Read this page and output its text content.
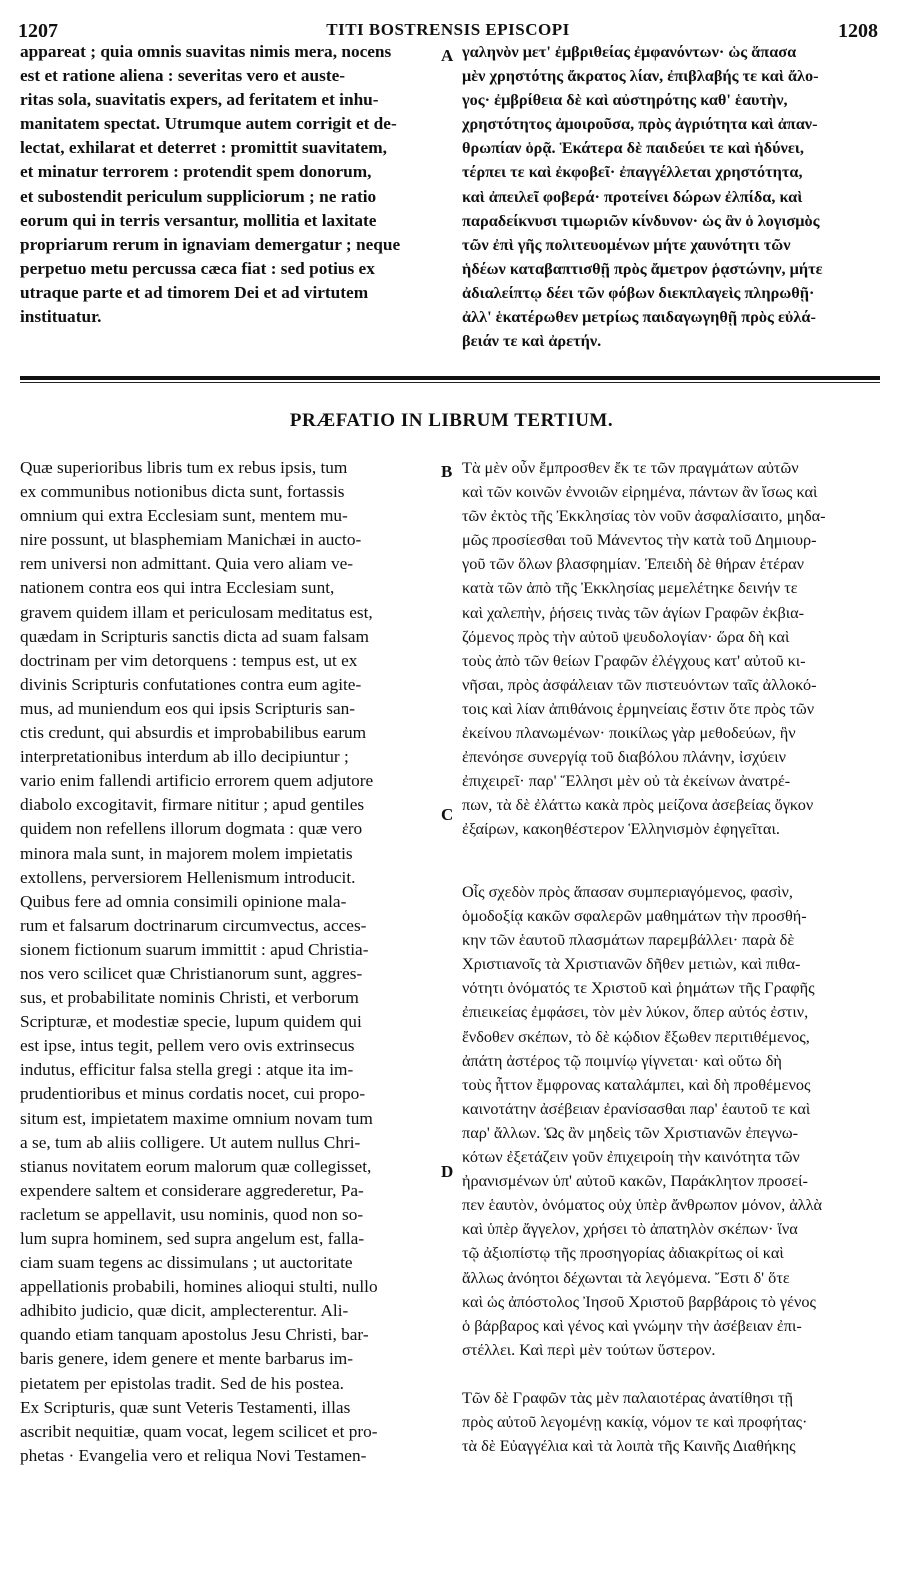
1207	TITI BOSTRENSIS EPISCOPI	1208
appareat ; quia omnis suavitas nimis mera, nocens
est et ratione aliena : severitas vero et auste-
ritas sola, suavitatis expers, ad feritatem et inhu-
manitatem spectat. Utrumque autem corrigit et de-
lectat, exhilarat et deterret : promittit suavitatem,
et minatur terrorem : protendit spem donorum,
et subostendit periculum suppliciorum ; ne ratio
eorum qui in terris versantur, mollitia et laxitate
propriarum rerum in ignaviam demergatur ; neque
perpetuo metu percussa cæca fiat : sed potius ex
utraque parte et ad timorem Dei et ad virtutem
instituatur.
γαληνὸν μετ' ἐμβριθείας ἐμφανόντων· ὡς ἅπασα
μὲν χρηστότης ἄκρατος λίαν, ἐπιβλαβής τε καὶ ἄλο-
γος· ἐμβρίθεια δὲ καὶ αὐστηρότης καθ' ἑαυτὴν,
χρηστότητος ἀμοιροῦσα, πρὸς ἀγριότητα καὶ ἀπαν-
θρωπίαν ὁρᾷ. Ἑκάτερα δὲ παιδεύει τε καὶ ἡδύνει,
τέρπει τε καὶ ἐκφοβεῖ· ἐπαγγέλλεται χρηστότητα,
καὶ ἀπειλεῖ φοβερά· προτείνει δώρων ἐλπίδα, καὶ
παραδείκνυσι τιμωριῶν κίνδυνον· ὡς ἂν ὁ λογισμὸς
τῶν ἐπὶ γῆς πολιτευομένων μήτε χαυνότητι τῶν
ἡδέων καταβαπτισθῇ πρὸς ἄμετρον ῥᾳστώνην, μήτε
ἀδιαλείπτῳ δέει τῶν φόβων διεκπλαγεὶς πληρωθῇ·
ἀλλ' ἑκατέρωθεν μετρίως παιδαγωγηθῇ πρὸς εὐλά-
βειάν τε καὶ ἀρετήν.
A
PRÆFATIO IN LIBRUM TERTIUM.
Quæ superioribus libris tum ex rebus ipsis, tum
ex communibus notionibus dicta sunt, fortassis
omnium qui extra Ecclesiam sunt, mentem mu-
nire possunt, ut blasphemiam Manichæi in aucto-
rem universi non admittant. Quia vero aliam ve-
nationem contra eos qui intra Ecclesiam sunt,
gravem quidem illam et periculosam meditatus est,
quædam in Scripturis sanctis dicta ad suam falsam
doctrinam per vim detorquens : tempus est, ut ex
divinis Scripturis confutationes contra eum agite-
mus, ad muniendum eos qui ipsis Scripturis san-
ctis credunt, qui absurdis et improbabilibus earum
interpretationibus interdum ab illo decipiuntur ;
vario enim fallendi artificio errorem quem adjutore
diabolo excogitavit, firmare nititur ; apud gentiles
quidem non refellens illorum dogmata : quæ vero
minora mala sunt, in majorem molem impietatis
extollens, perversiorem Hellenismum introducit.
Quibus fere ad omnia consimili opinione mala-
rum et falsarum doctrinarum circumvectus, acces-
sionem fictionum suarum immittit : apud Christia-
nos vero scilicet quæ Christianorum sunt, aggres-
sus, et probabilitate nominis Christi, et verborum
Scripturæ, et modestiæ specie, lupum quidem qui
est ipse, intus tegit, pellem vero ovis extrinsecus
indutus, efficitur falsa stella gregi : atque ita im-
prudentioribus et minus cordatis nocet, cui propo-
situm est, impietatem maxime omnium novam tum
a se, tum ab aliis colligere. Ut autem nullus Chri-
stianus novitatem eorum malorum quæ collegisset,
expendere saltem et considerare aggrederetur, Pa-
racletum se appellavit, usu nominis, quod non so-
lum supra hominem, sed supra angelum est, falla-
ciam suam tegens ac dissimulans ; ut auctoritate
appellationis probabili, homines alioqui stulti, nullo
adhibito judicio, quæ dicit, amplecterentur. Ali-
quando etiam tanquam apostolus Jesu Christi, bar-
baris genere, idem genere et mente barbarus im-
pietatem per epistolas tradit. Sed de his postea.
Ex Scripturis, quæ sunt Veteris Testamenti, illas
ascribit nequitiæ, quam vocat, legem scilicet et pro-
phetas · Evangelia vero et reliqua Novi Testamen-
B
C
D
Τὰ μὲν οὖν ἔμπροσθεν ἔκ τε τῶν πραγμάτων αὐτῶν
καὶ τῶν κοινῶν ἐννοιῶν εἰρημένα, πάντων ἂν ἴσως καὶ
τῶν ἐκτὸς τῆς Ἐκκλησίας τὸν νοῦν ἀσφαλίσαιτο, μηδα-
μῶς προσίεσθαι τοῦ Μάνεντος τὴν κατὰ τοῦ Δημιουρ-
γοῦ τῶν ὅλων βλασφημίαν. Ἐπειδὴ δὲ θήραν ἑτέραν
κατὰ τῶν ἀπὸ τῆς Ἐκκλησίας μεμελέτηκε δεινήν τε
καὶ χαλεπὴν, ῥήσεις τινὰς τῶν ἁγίων Γραφῶν ἐκβια-
ζόμενος πρὸς τὴν αὐτοῦ ψευδολογίαν· ὥρα δὴ καὶ
τοὺς ἀπὸ τῶν θείων Γραφῶν ἐλέγχους κατ' αὐτοῦ κι-
νῆσαι, πρὸς ἀσφάλειαν τῶν πιστευόντων ταῖς ἀλλοκό-
τοις καὶ λίαν ἀπιθάνοις ἑρμηνείαις ἔστιν ὅτε πρὸς τῶν
ἐκείνου πλανωμένων· ποικίλως γὰρ μεθοδεύων, ἣν
ἐπενόησε συνεργίᾳ τοῦ διαβόλου πλάνην, ἰσχύειν
ἐπιχειρεῖ· παρ' Ἕλλησι μὲν οὐ τὰ ἐκείνων ἀνατρέ-
πων, τὰ δὲ ἐλάττω κακὰ πρὸς μείζονα ἀσεβείας ὄγκον
ἐξαίρων, κακοηθέστερον Ἑλληνισμὸν ἐφηγεῖται.
Οἷς σχεδὸν πρὸς ἅπασαν συμπεριαγόμενος, φασὶν,
ὁμοδοξίᾳ κακῶν σφαλερῶν μαθημάτων τὴν προσθή-
κην τῶν ἑαυτοῦ πλασμάτων παρεμβάλλει· παρὰ δὲ
Χριστιανοῖς τὰ Χριστιανῶν δῆθεν μετιὼν, καὶ πιθα-
νότητι ὀνόματός τε Χριστοῦ καὶ ῥημάτων τῆς Γραφῆς
ἐπιεικείας ἐμφάσει, τὸν μὲν λύκον, ὅπερ αὐτός ἐστιν,
ἔνδοθεν σκέπων, τὸ δὲ κῴδιον ἔξωθεν περιτιθέμενος,
ἀπάτη ἀστέρος τῷ ποιμνίῳ γίγνεται· καὶ οὕτω δὴ
τοὺς ἧττον ἔμφρονας καταλάμπει, καὶ δὴ προθέμενος
καινοτάτην ἀσέβειαν ἐρανίσασθαι παρ' ἑαυτοῦ τε καὶ
παρ' ἄλλων. Ὡς ἂν μηδεὶς τῶν Χριστιανῶν ἐπεγνω-
κότων ἐξετάζειν γοῦν ἐπιχειροίη τὴν καινότητα τῶν
ἠρανισμένων ὑπ' αὐτοῦ κακῶν, Παράκλητον προσεί-
πεν ἑαυτὸν, ὀνόματος οὐχ ὑπὲρ ἄνθρωπον μόνον, ἀλλὰ
καὶ ὑπὲρ ἄγγελον, χρήσει τὸ ἀπατηλὸν σκέπων· ἵνα
τῷ ἀξιοπίστῳ τῆς προσηγορίας ἀδιακρίτως οἱ καὶ
ἄλλως ἀνόητοι δέχωνται τὰ λεγόμενα. Ἔστι δ' ὅτε
καὶ ὡς ἀπόστολος Ἰησοῦ Χριστοῦ βαρβάροις τὸ γένος
ὁ βάρβαρος καὶ γένος καὶ γνώμην τὴν ἀσέβειαν ἐπι-
στέλλει. Καὶ περὶ μὲν τούτων ὕστερον.
Τῶν δὲ Γραφῶν τὰς μὲν παλαιοτέρας ἀνατίθησι τῇ
πρὸς αὐτοῦ λεγομένῃ κακίᾳ, νόμον τε καὶ προφήτας·
τὰ δὲ Εὐαγγέλια καὶ τὰ λοιπὰ τῆς Καινῆς Διαθήκης
